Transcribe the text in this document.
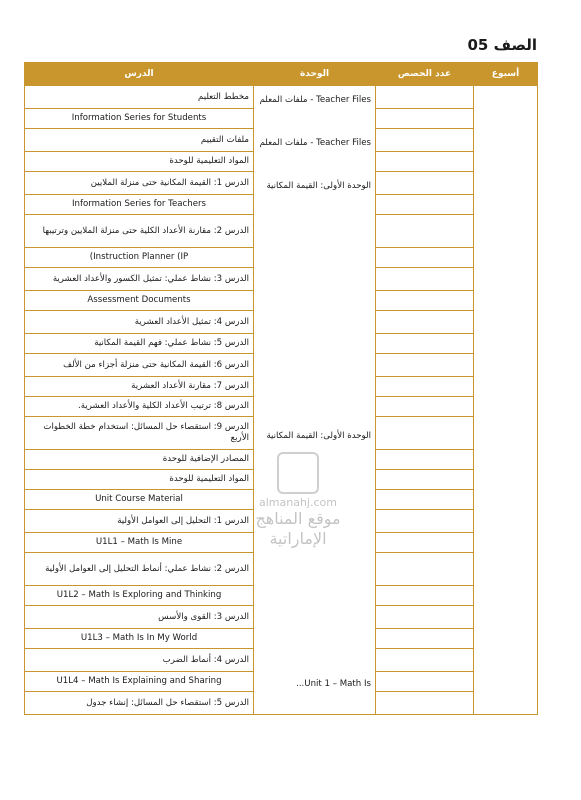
الصف 05
أسبوع	عدد الحصص	الوحدة	الدرس
		Teacher Files - ملفات المعلم	مخطط التعليم
			Information Series for Students
		Teacher Files - ملفات المعلم	ملفات التقييم
			المواد التعليمية للوحدة
		الوحدة الأولى: القيمة المكانية	الدرس 1: القيمة المكانية حتى منزلة الملايين
			Information Series for Teachers
			الدرس 2: مقارنة الأعداد الكلية حتى منزلة الملايين وترتيبها
			(Instruction Planner (IP
			الدرس 3: نشاط عملي: تمثيل الكسور والأعداد العشرية
			Assessment Documents
			الدرس 4: تمثيل الأعداد العشرية
			الدرس 5: نشاط عملي: فهم القيمة المكانية
			الدرس 6: القيمة المكانية حتى منزلة أجزاء من الألف
			الدرس 7: مقارنة الأعداد العشرية
			الدرس 8: ترتيب الأعداد الكلية والأعداد العشرية.
		الوحدة الأولى: القيمة المكانية	الدرس 9: استقصاء حل المسائل: استخدام خطة الخطوات الأربع
			المصادر الإضافية للوحدة
			المواد التعليمية للوحدة
			Unit Course Material
			الدرس 1: التحليل إلى العوامل الأولية
			U1L1 – Math Is Mine
			الدرس 2: نشاط عملي: أنماط التحليل إلى العوامل الأولية
			U1L2 – Math Is Exploring and Thinking
			الدرس 3: القوى والأسس
			U1L3 – Math Is In My World
			الدرس 4: أنماط الضرب
		Unit 1 – Math Is...	U1L4 – Math Is Explaining and Sharing
			الدرس 5: استقصاء حل المسائل: إنشاء جدول
almanahj.com
موقع المناهج الإماراتية
